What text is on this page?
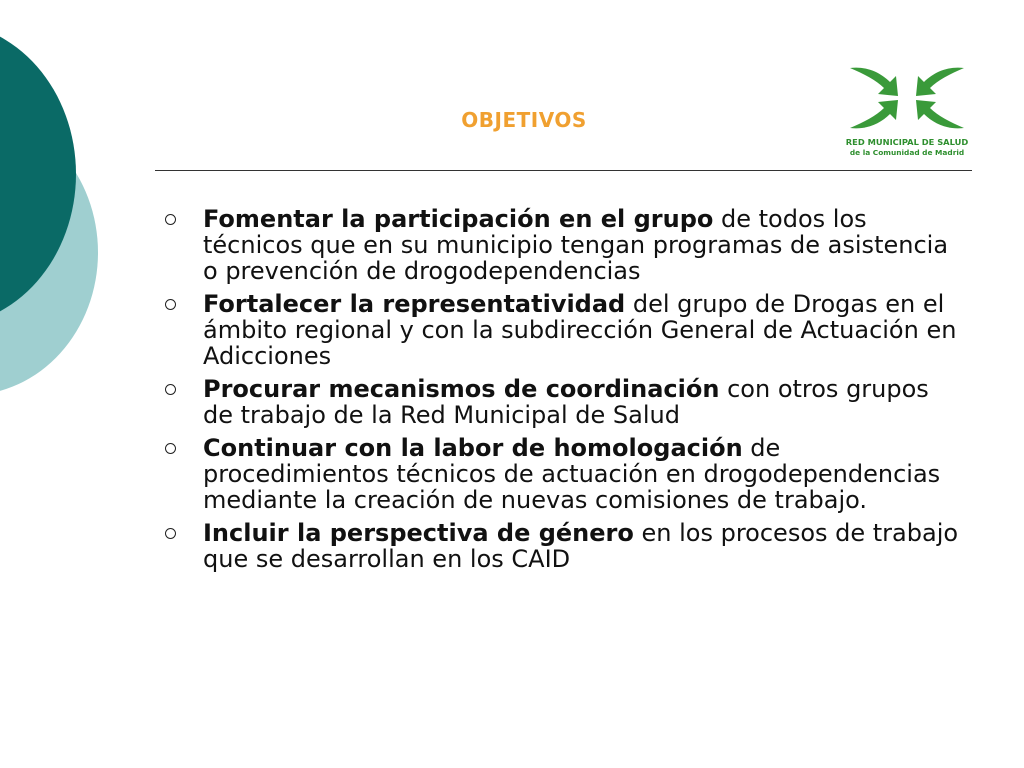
OBJETIVOS
RED MUNICIPAL DE SALUD
de la Comunidad de Madrid
Fomentar la participación en el grupo de todos los técnicos que en su municipio tengan programas de asistencia o prevención de drogodependencias
Fortalecer la representatividad del grupo de Drogas en el ámbito regional y con la subdirección General de Actuación en Adicciones
Procurar mecanismos de coordinación con otros grupos de trabajo de la Red Municipal de Salud
Continuar con la labor de homologación de procedimientos técnicos de actuación en drogodependencias mediante la creación de nuevas comisiones de trabajo.
Incluir la perspectiva de género en los procesos de trabajo que se desarrollan en los CAID
